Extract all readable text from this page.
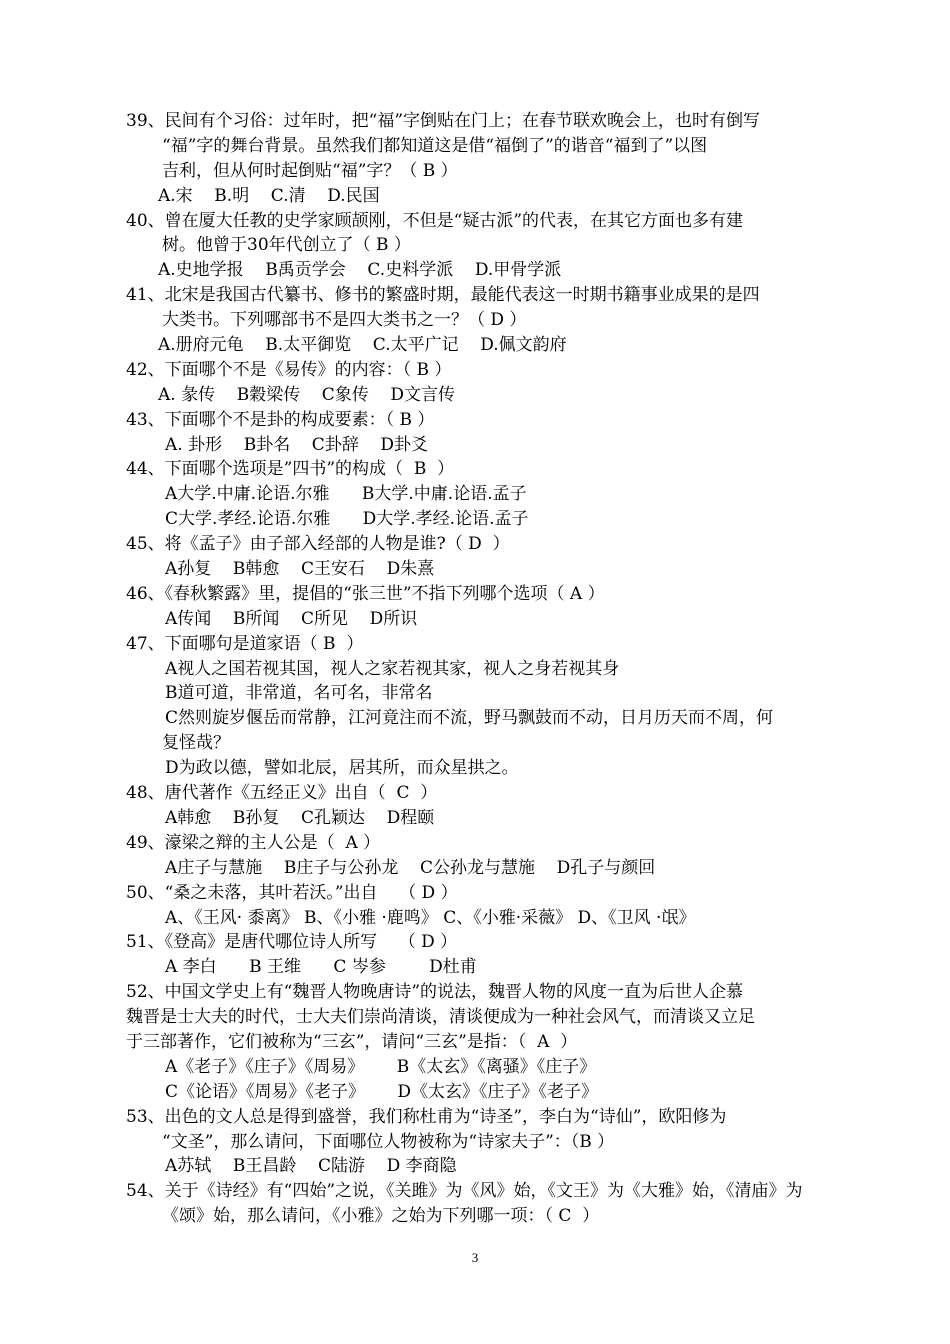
39、民间有个习俗：过年时，把“福”字倒贴在门上；在春节联欢晚会上，也时有倒写
“福”字的舞台背景。虽然我们都知道这是借“福倒了”的谐音“福到了”以图
吉利，但从何时起倒贴“福”字？（ B ）
A.宋    B.明    C.清    D.民国
40、曾在厦大任教的史学家顾颉刚，不但是“疑古派”的代表，在其它方面也多有建
树。他曾于30年代创立了（ B ）
A.史地学报    B禹贡学会    C.史料学派    D.甲骨学派
41、北宋是我国古代纂书、修书的繁盛时期，最能代表这一时期书籍事业成果的是四
大类书。下列哪部书不是四大类书之一？（ D ）
A.册府元龟    B.太平御览    C.太平广记    D.佩文韵府
42、下面哪个不是《易传》的内容：（ B ）
A. 彖传    B穀梁传    C象传    D文言传
43、下面哪个不是卦的构成要素：（ B ）
A. 卦形    B卦名    C卦辞    D卦爻
44、下面哪个选项是”四书”的构成（  B  ）
A大学.中庸.论语.尔雅      B大学.中庸.论语.孟子
C大学.孝经.论语.尔雅      D大学.孝经.论语.孟子
45、将《孟子》由子部入经部的人物是谁?（ D  ）
A孙复    B韩愈    C王安石    D朱熹
46、《春秋繁露》里，提倡的“张三世”不指下列哪个选项（ A ）
A传闻    B所闻    C所见    D所识
47、下面哪句是道家语（ B  ）
A视人之国若视其国，视人之家若视其家，视人之身若视其身
B道可道，非常道，名可名，非常名
C然则旋岁偃岳而常静，江河竟注而不流，野马飘鼓而不动，日月历天而不周，何
复怪哉？
D为政以德，譬如北辰，居其所，而众星拱之。
48、唐代著作《五经正义》出自（  C  ）
A韩愈    B孙复    C孔颖达    D程颐
49、濠梁之辩的主人公是（  A ）
A庄子与慧施    B庄子与公孙龙    C公孙龙与慧施    D孔子与颜回
50、“桑之未落，其叶若沃。”出自    （ D ）
A、《王风· 黍离》 B、《小雅 ·鹿鸣》 C、《小雅·采薇》 D、《卫风 ·氓》
51、《登高》是唐代哪位诗人所写    （ D ）
A 李白      B 王维      C 岑参        D杜甫
52、中国文学史上有“魏晋人物晚唐诗”的说法，魏晋人物的风度一直为后世人企慕
魏晋是士大夫的时代，士大夫们崇尚清谈，清谈便成为一种社会风气，而清谈又立足
于三部著作，它们被称为“三玄”，请问“三玄”是指：（  A  ）
A《老子》《庄子》《周易》      B《太玄》《离骚》《庄子》
C《论语》《周易》《老子》      D《太玄》《庄子》《老子》
53、出色的文人总是得到盛誉，我们称杜甫为“诗圣”，李白为“诗仙”，欧阳修为
“文圣”，那么请问，下面哪位人物被称为“诗家夫子”：（B ）
A苏轼    B王昌龄    C陆游    D 李商隐
54、关于《诗经》有“四始”之说，《关雎》为《风》始，《文王》为《大雅》始，《清庙》为
《颂》始，那么请问，《小雅》之始为下列哪一项：（ C  ）
3
